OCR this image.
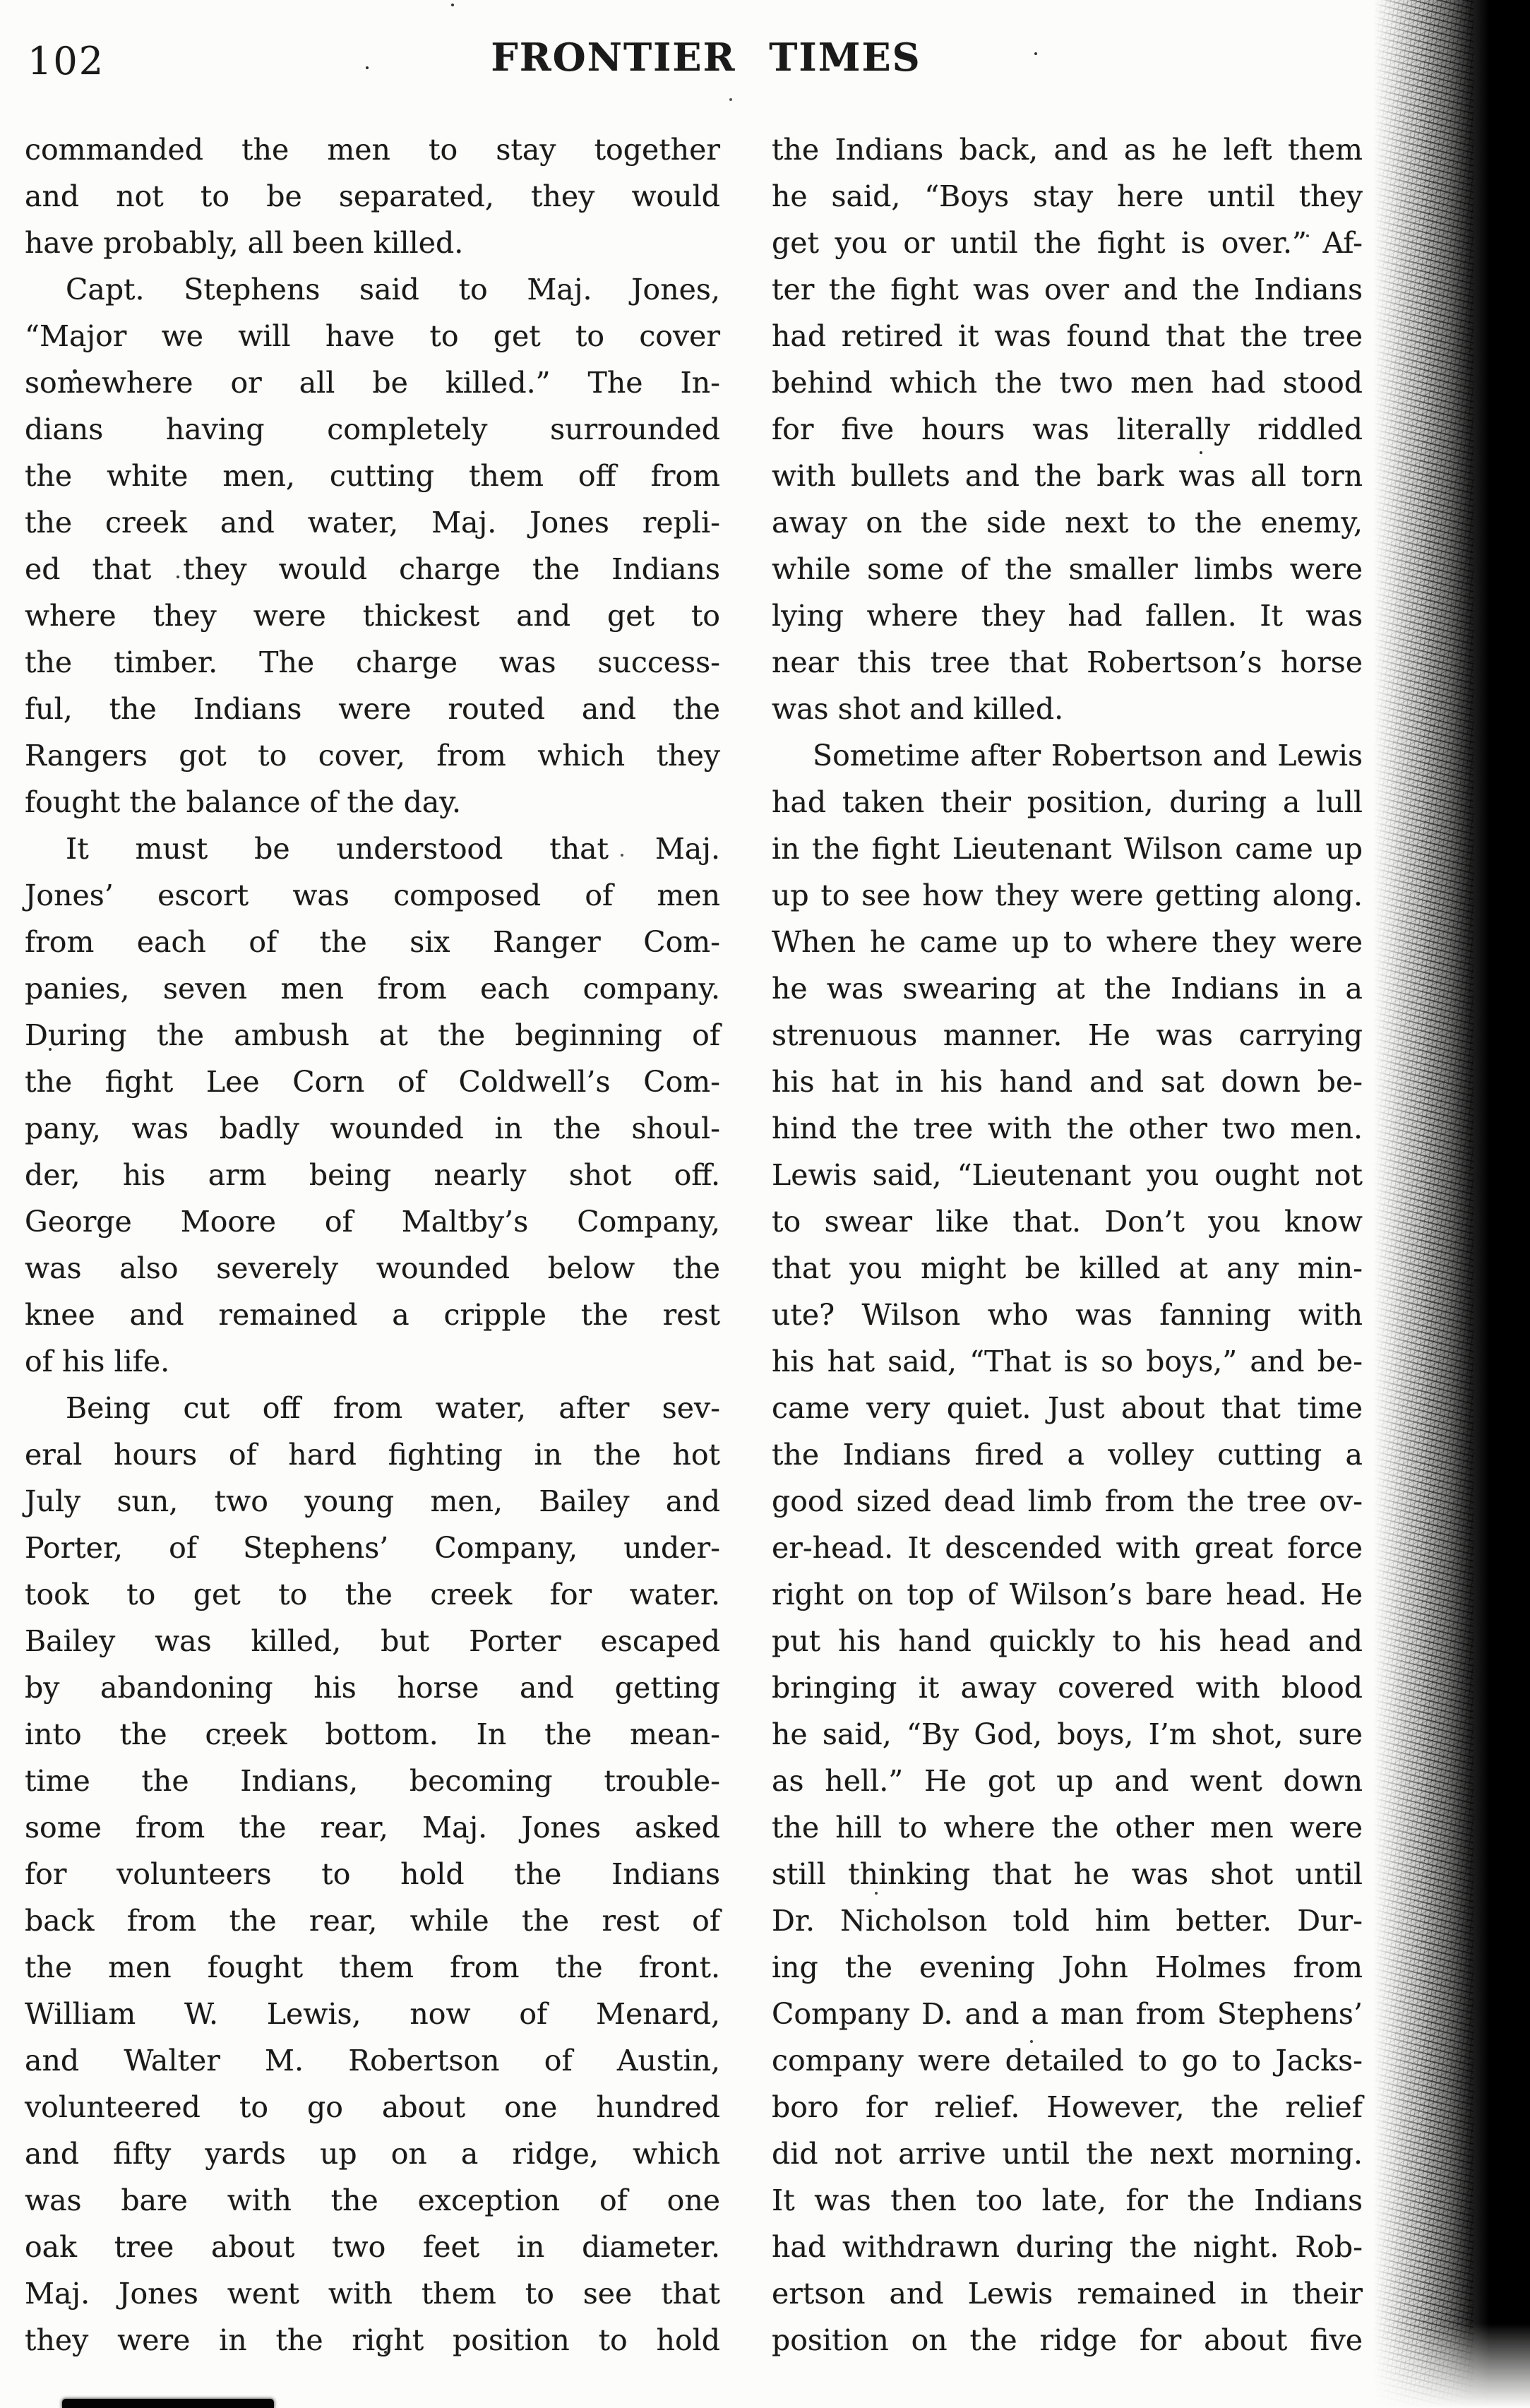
102	FRONTIER TIMES
commanded the men to stay together
and not to be separated, they would
have probably, all been killed.
Capt. Stephens said to Maj. Jones,
“Major we will have to get to cover
somewhere or all be killed.” The In-
dians having completely surrounded
the white men, cutting them off from
the creek and water, Maj. Jones repli-
ed that they would charge the Indians
where they were thickest and get to
the timber. The charge was success-
ful, the Indians were routed and the
Rangers got to cover, from which they
fought the balance of the day.
It must be understood that Maj.
Jones’ escort was composed of men
from each of the six Ranger Com-
panies, seven men from each company.
During the ambush at the beginning of
the fight Lee Corn of Coldwell’s Com-
pany, was badly wounded in the shoul-
der, his arm being nearly shot off.
George Moore of Maltby’s Company,
was also severely wounded below the
knee and remained a cripple the rest
of his life.
Being cut off from water, after sev-
eral hours of hard fighting in the hot
July sun, two young men, Bailey and
Porter, of Stephens’ Company, under-
took to get to the creek for water.
Bailey was killed, but Porter escaped
by abandoning his horse and getting
into the creek bottom. In the mean-
time the Indians, becoming trouble-
some from the rear, Maj. Jones asked
for volunteers to hold the Indians
back from the rear, while the rest of
the men fought them from the front.
William W. Lewis, now of Menard,
and Walter M. Robertson of Austin,
volunteered to go about one hundred
and fifty yards up on a ridge, which
was bare with the exception of one
oak tree about two feet in diameter.
Maj. Jones went with them to see that
they were in the right position to hold
the Indians back, and as he left them
he said, “Boys stay here until they
get you or until the fight is over.” Af-
ter the fight was over and the Indians
had retired it was found that the tree
behind which the two men had stood
for five hours was literally riddled
with bullets and the bark was all torn
away on the side next to the enemy,
while some of the smaller limbs were
lying where they had fallen. It was
near this tree that Robertson’s horse
was shot and killed.
Sometime after Robertson and Lewis
had taken their position, during a lull
in the fight Lieutenant Wilson came up
up to see how they were getting along.
When he came up to where they were
he was swearing at the Indians in a
strenuous manner. He was carrying
his hat in his hand and sat down be-
hind the tree with the other two men.
Lewis said, “Lieutenant you ought not
to swear like that. Don’t you know
that you might be killed at any min-
ute? Wilson who was fanning with
his hat said, “That is so boys,” and be-
came very quiet. Just about that time
the Indians fired a volley cutting a
good sized dead limb from the tree ov-
er-head. It descended with great force
right on top of Wilson’s bare head. He
put his hand quickly to his head and
bringing it away covered with blood
he said, “By God, boys, I’m shot, sure
as hell.” He got up and went down
the hill to where the other men were
still thinking that he was shot until
Dr. Nicholson told him better. Dur-
ing the evening John Holmes from
Company D. and a man from Stephens’
company were detailed to go to Jacks-
boro for relief. However, the relief
did not arrive until the next morning.
It was then too late, for the Indians
had withdrawn during the night. Rob-
ertson and Lewis remained in their
position on the ridge for about five
